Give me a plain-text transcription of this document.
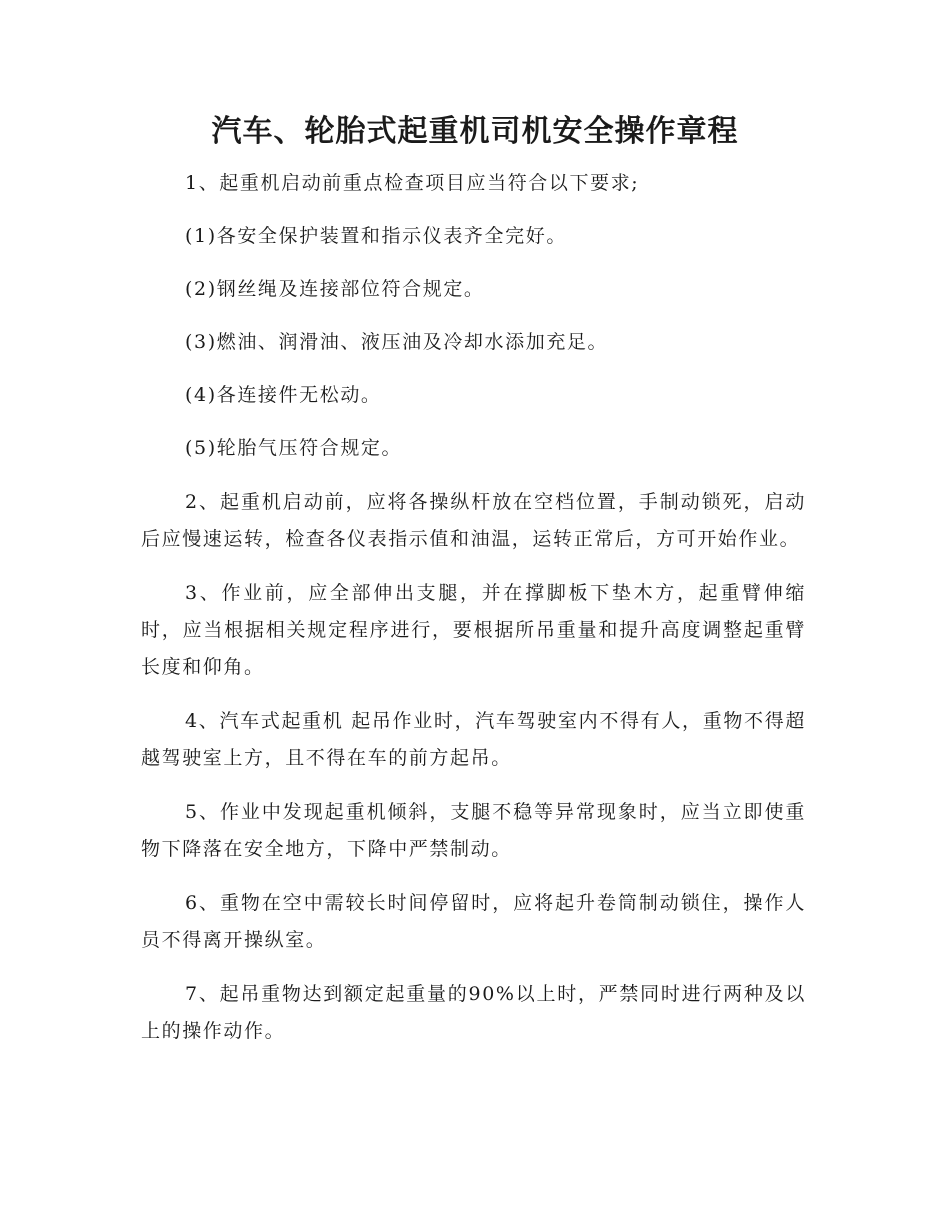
汽车、轮胎式起重机司机安全操作章程

1、起重机启动前重点检查项目应当符合以下要求;

(1)各安全保护装置和指示仪表齐全完好。

(2)钢丝绳及连接部位符合规定。

(3)燃油、润滑油、液压油及冷却水添加充足。

(4)各连接件无松动。

(5)轮胎气压符合规定。

2、起重机启动前，应将各操纵杆放在空档位置，手制动锁死，启动后应慢速运转，检查各仪表指示值和油温，运转正常后，方可开始作业。

3、作业前，应全部伸出支腿，并在撑脚板下垫木方，起重臂伸缩时，应当根据相关规定程序进行，要根据所吊重量和提升高度调整起重臂长度和仰角。

4、汽车式起重机 起吊作业时，汽车驾驶室内不得有人，重物不得超越驾驶室上方，且不得在车的前方起吊。

5、作业中发现起重机倾斜，支腿不稳等异常现象时，应当立即使重物下降落在安全地方，下降中严禁制动。

6、重物在空中需较长时间停留时，应将起升卷筒制动锁住，操作人员不得离开操纵室。

7、起吊重物达到额定起重量的90%以上时，严禁同时进行两种及以上的操作动作。
